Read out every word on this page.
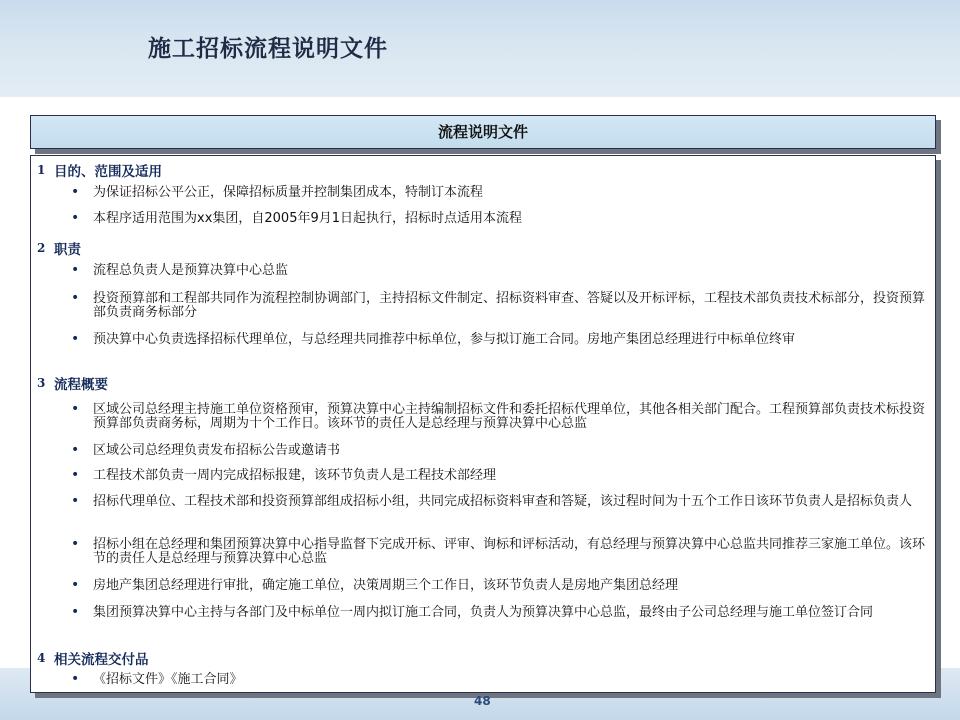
施工招标流程说明文件
流程说明文件
1 目的、范围及适用
• 为保证招标公平公正，保障招标质量并控制集团成本，特制订本流程
• 本程序适用范围为xx集团，自2005年9月1日起执行，招标时点适用本流程
2 职责
• 流程总负责人是预算决算中心总监
• 投资预算部和工程部共同作为流程控制协调部门，主持招标文件制定、招标资料审查、答疑以及开标评标，工程技术部负责技术标部分，投资预算部负责商务标部分
• 预决算中心负责选择招标代理单位，与总经理共同推荐中标单位，参与拟订施工合同。房地产集团总经理进行中标单位终审
3 流程概要
• 区域公司总经理主持施工单位资格预审，预算决算中心主持编制招标文件和委托招标代理单位，其他各相关部门配合。工程预算部负责技术标投资预算部负责商务标，周期为十个工作日。该环节的责任人是总经理与预算决算中心总监
• 区域公司总经理负责发布招标公告或邀请书
• 工程技术部负责一周内完成招标报建，该环节负责人是工程技术部经理
• 招标代理单位、工程技术部和投资预算部组成招标小组，共同完成招标资料审查和答疑，该过程时间为十五个工作日该环节负责人是招标负责人
• 招标小组在总经理和集团预算决算中心指导监督下完成开标、评审、询标和评标活动，有总经理与预算决算中心总监共同推荐三家施工单位。该环节的责任人是总经理与预算决算中心总监
• 房地产集团总经理进行审批，确定施工单位，决策周期三个工作日，该环节负责人是房地产集团总经理
• 集团预算决算中心主持与各部门及中标单位一周内拟订施工合同，负责人为预算决算中心总监，最终由子公司总经理与施工单位签订合同
4 相关流程交付品
• 《招标文件》《施工合同》
48
